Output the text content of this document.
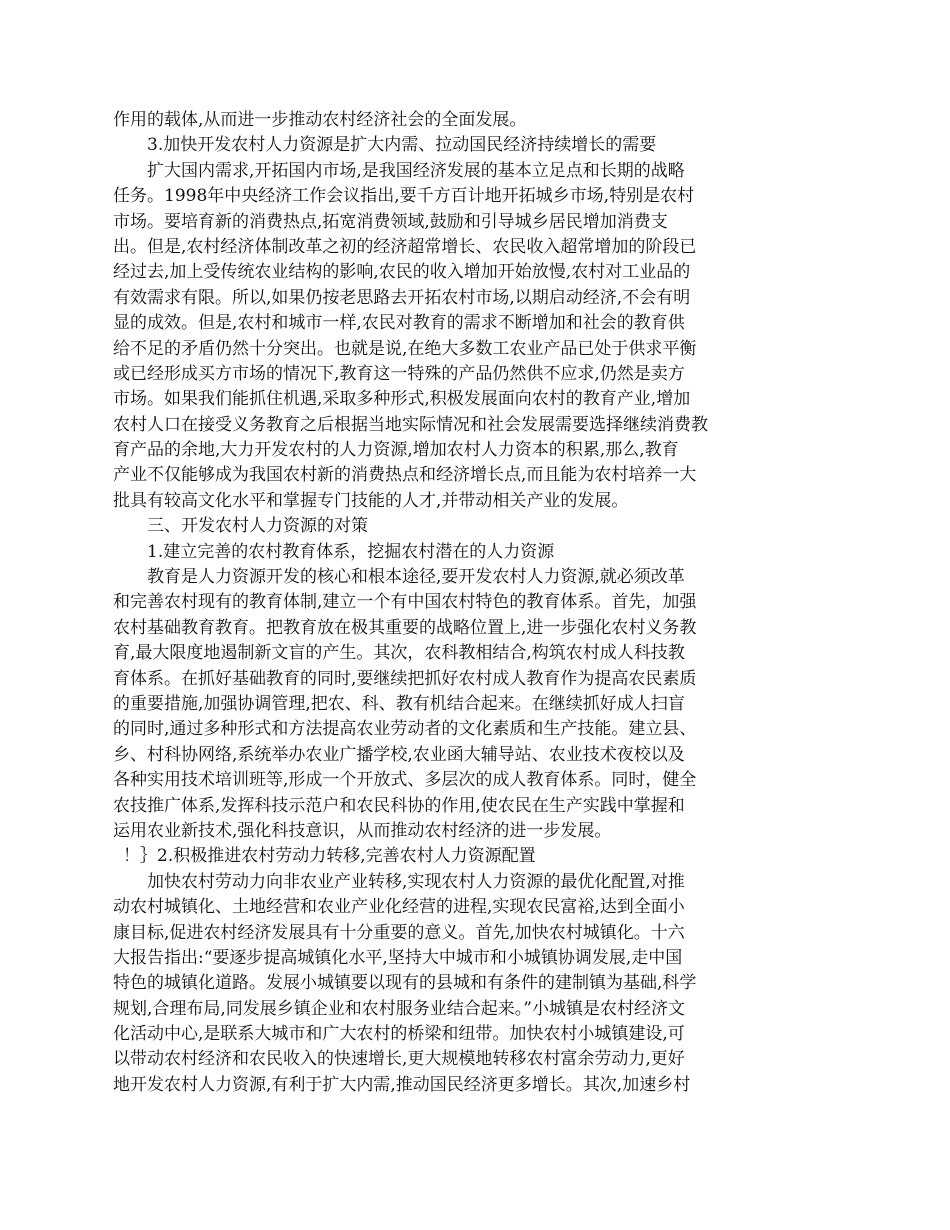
作用的载体,从而进一步推动农村经济社会的全面发展。
3.加快开发农村人力资源是扩大内需、拉动国民经济持续增长的需要
扩大国内需求,开拓国内市场,是我国经济发展的基本立足点和长期的战略
任务。1998年中央经济工作会议指出,要千方百计地开拓城乡市场,特别是农村
市场。要培育新的消费热点,拓宽消费领域,鼓励和引导城乡居民增加消费支
出。但是,农村经济体制改革之初的经济超常增长、农民收入超常增加的阶段已
经过去,加上受传统农业结构的影响,农民的收入增加开始放慢,农村对工业品的
有效需求有限。所以,如果仍按老思路去开拓农村市场,以期启动经济,不会有明
显的成效。但是,农村和城市一样,农民对教育的需求不断增加和社会的教育供
给不足的矛盾仍然十分突出。也就是说,在绝大多数工农业产品已处于供求平衡
或已经形成买方市场的情况下,教育这一特殊的产品仍然供不应求,仍然是卖方
市场。如果我们能抓住机遇,采取多种形式,积极发展面向农村的教育产业,增加
农村人口在接受义务教育之后根据当地实际情况和社会发展需要选择继续消费教
育产品的余地,大力开发农村的人力资源,增加农村人力资本的积累,那么,教育
产业不仅能够成为我国农村新的消费热点和经济增长点,而且能为农村培养一大
批具有较高文化水平和掌握专门技能的人才,并带动相关产业的发展。
三、开发农村人力资源的对策
1.建立完善的农村教育体系，挖掘农村潜在的人力资源
教育是人力资源开发的核心和根本途径,要开发农村人力资源,就必须改革
和完善农村现有的教育体制,建立一个有中国农村特色的教育体系。首先，加强
农村基础教育教育。把教育放在极其重要的战略位置上,进一步强化农村义务教
育,最大限度地遏制新文盲的产生。其次，农科教相结合,构筑农村成人科技教
育体系。在抓好基础教育的同时,要继续把抓好农村成人教育作为提高农民素质
的重要措施,加强协调管理,把农、科、教有机结合起来。在继续抓好成人扫盲
的同时,通过多种形式和方法提高农业劳动者的文化素质和生产技能。建立县、
乡、村科协网络,系统举办农业广播学校,农业函大辅导站、农业技术夜校以及
各种实用技术培训班等,形成一个开放式、多层次的成人教育体系。同时，健全
农技推广体系,发挥科技示范户和农民科协的作用,使农民在生产实践中掌握和
运用农业新技术,强化科技意识，从而推动农村经济的进一步发展。
！｝2.积极推进农村劳动力转移,完善农村人力资源配置
加快农村劳动力向非农业产业转移,实现农村人力资源的最优化配置,对推
动农村城镇化、土地经营和农业产业化经营的进程,实现农民富裕,达到全面小
康目标,促进农村经济发展具有十分重要的意义。首先,加快农村城镇化。十六
大报告指出:“要逐步提高城镇化水平,坚持大中城市和小城镇协调发展,走中国
特色的城镇化道路。发展小城镇要以现有的县城和有条件的建制镇为基础,科学
规划,合理布局,同发展乡镇企业和农村服务业结合起来。”小城镇是农村经济文
化活动中心,是联系大城市和广大农村的桥梁和纽带。加快农村小城镇建设,可
以带动农村经济和农民收入的快速增长,更大规模地转移农村富余劳动力,更好
地开发农村人力资源,有利于扩大内需,推动国民经济更多增长。其次,加速乡村
